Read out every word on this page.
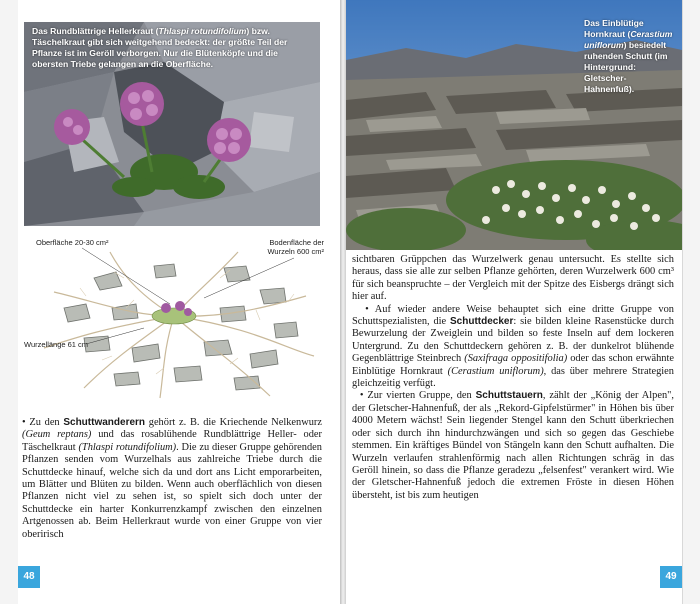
Das Rundblättrige Hellerkraut (Thlaspi rotundifolium) bzw. Täschelkraut gibt sich weitgehend bedeckt: der größte Teil der Pflanze ist im Geröll verborgen. Nur die Blütenköpfe und die obersten Triebe gelangen an die Oberfläche.
Oberfläche 20-30 cm²	Bodenfläche der
Wurzeln 600 cm²
Wurzellänge 61 cm

• Zu den Schuttwanderern gehört z. B. die Kriechende Nelkenwurz (Geum reptans) und das rosablühende Rundblättrige Heller- oder Täschelkraut (Thlaspi rotundifolium). Die zu dieser Gruppe gehörenden Pflanzen senden vom Wurzelhals aus zahlreiche Triebe durch die Schuttdecke hinauf, welche sich da und dort ans Licht emporarbeiten, um Blätter und Blüten zu bilden. Wenn auch oberflächlich von diesen Pflanzen nicht viel zu sehen ist, so spielt sich doch unter der Schuttdecke ein harter Konkurrenzkampf zwischen den einzelnen Artgenossen ab. Beim Hellerkraut wurde von einer Gruppe von vier oberirisch

48
Das Einblütige Hornkraut (Cerastium uniflorum) besiedelt ruhenden Schutt (im Hintergrund: Gletscher-Hahnenfuß).

sichtbaren Grüppchen das Wurzelwerk genau untersucht. Es stellte sich heraus, dass sie alle zur selben Pflanze gehörten, deren Wurzelwerk 600 cm³ für sich beanspruchte – der Vergleich mit der Spitze des Eisbergs drängt sich hier auf.

• Auf wieder andere Weise behauptet sich eine dritte Gruppe von Schuttspezialisten, die Schuttdecker: sie bilden kleine Rasenstücke durch Bewurzelung der Zweiglein und bilden so feste Inseln auf dem lockeren Untergrund. Zu den Schuttdeckern gehören z. B. der dunkelrot blühende Gegenblättrige Steinbrech (Saxifraga oppositifolia) oder das schon erwähnte Einblütige Hornkraut (Cerastium uniflorum), das über mehrere Strategien gleichzeitig verfügt.

• Zur vierten Gruppe, den Schuttstauern, zählt der „König der Alpen", der Gletscher-Hahnenfuß, der als „Rekord-Gipfelstürmer" in Höhen bis über 4000 Metern wächst! Sein liegender Stengel kann den Schutt überkriechen oder sich durch ihn hindurchzwängen und sich so gegen das Geschiebe stemmen. Ein kräftiges Bündel von Stängeln kann den Schutt aufhalten. Die Wurzeln verlaufen strahlenförmig nach allen Richtungen schräg in das Geröll hinein, so dass die Pflanze geradezu „felsenfest" verankert wird. Wie der Gletscher-Hahnenfuß jedoch die extremen Fröste in diesen Höhen übersteht, ist bis zum heutigen

49
